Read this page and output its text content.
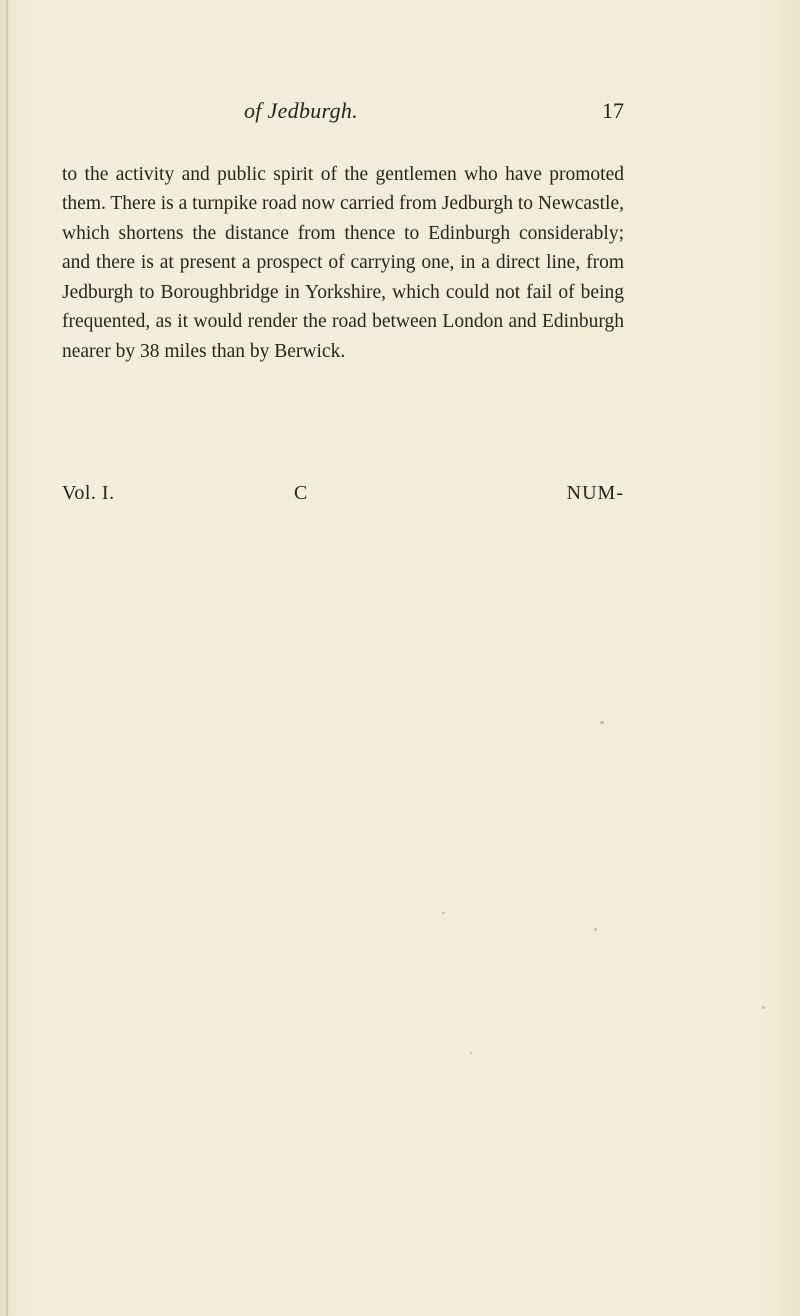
of Jedburgh.	17

to the activity and public spirit of the gentlemen who have promoted them. There is a turnpike road now carried from Jedburgh to Newcastle, which shortens the distance from thence to Edinburgh considerably; and there is at present a prospect of carrying one, in a direct line, from Jedburgh to Boroughbridge in Yorkshire, which could not fail of being frequented, as it would render the road between London and Edinburgh nearer by 38 miles than by Berwick.

Vol. I.	C	NUM-
